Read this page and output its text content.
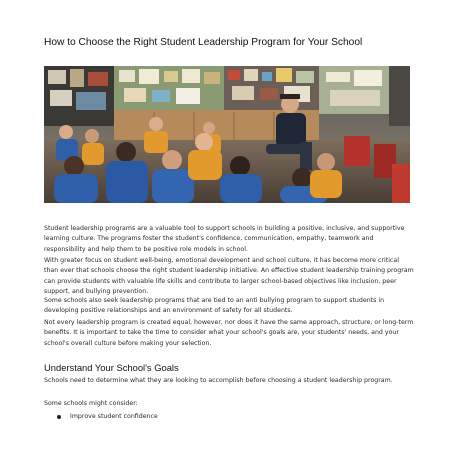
How to Choose the Right Student Leadership Program for Your School

Student leadership programs are a valuable tool to support schools in building a positive, inclusive, and supportive learning culture. The programs foster the student's confidence, communication, empathy, teamwork and responsibility and help them to be positive role models in school.

With greater focus on student well-being, emotional development and school culture, it has become more critical than ever that schools choose the right student leadership initiative. An effective student leadership training program can provide students with valuable life skills and contribute to larger school-based objectives like inclusion, peer support, and bullying prevention.

Some schools also seek leadership programs that are tied to an anti bullying program to support students in developing positive relationships and an environment of safety for all students.

Not every leadership program is created equal, however, nor does it have the same approach, structure, or long-term benefits. It is important to take the time to consider what your school's goals are, your students' needs, and your school's overall culture before making your selection.

Understand Your School's Goals

Schools need to determine what they are looking to accomplish before choosing a student leadership program.

Some schools might consider:

Improve student confidence
